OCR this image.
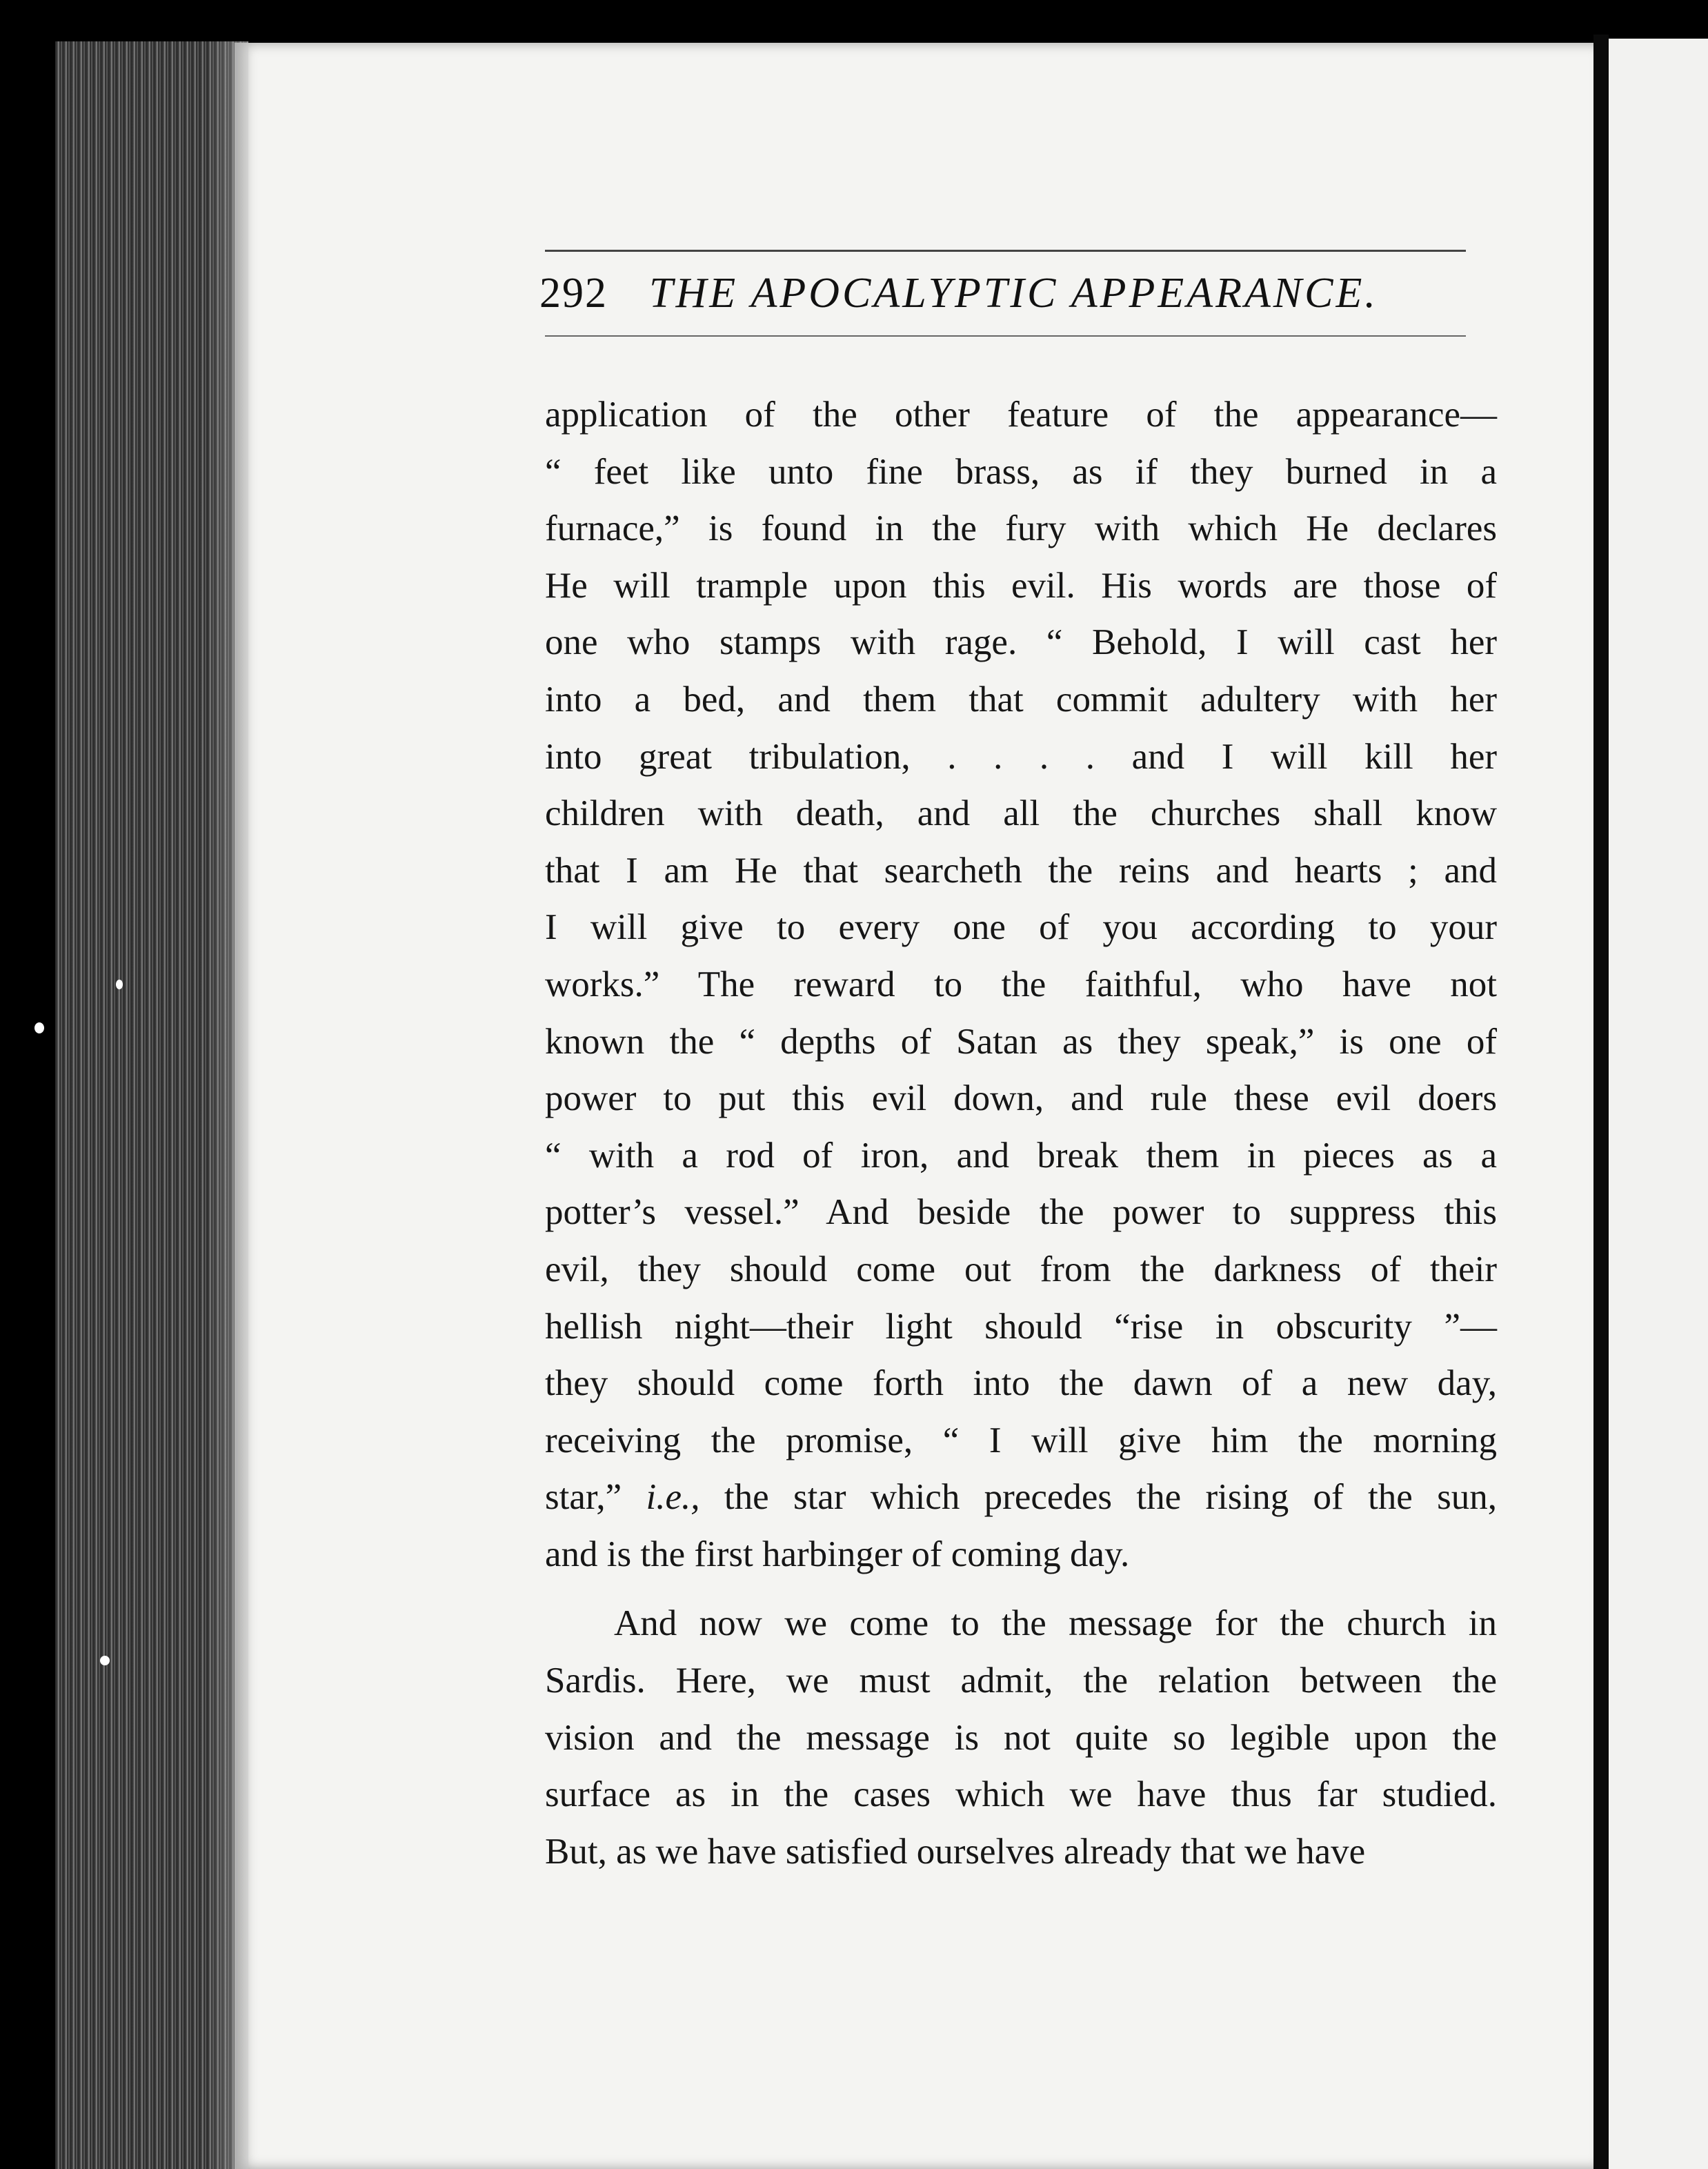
292 THE APOCALYPTIC APPEARANCE.
application of the other feature of the appearance—
“ feet like unto fine brass, as if they burned in a
furnace,” is found in the fury with which He declares
He will trample upon this evil. His words are those of
one who stamps with rage. “ Behold, I will cast her
into a bed, and them that commit adultery with her
into great tribulation, . . . . and I will kill her
children with death, and all the churches shall know
that I am He that searcheth the reins and hearts ; and
I will give to every one of you according to your
works.” The reward to the faithful, who have not
known the “ depths of Satan as they speak,” is one of
power to put this evil down, and rule these evil doers
“ with a rod of iron, and break them in pieces as a
potter’s vessel.” And beside the power to suppress this
evil, they should come out from the darkness of their
hellish night—their light should “rise in obscurity ”—
they should come forth into the dawn of a new day,
receiving the promise, “ I will give him the morning
star,” i.e., the star which precedes the rising of the sun,
and is the first harbinger of coming day.
And now we come to the message for the church in
Sardis. Here, we must admit, the relation between the
vision and the message is not quite so legible upon the
surface as in the cases which we have thus far studied.
But, as we have satisfied ourselves already that we have
